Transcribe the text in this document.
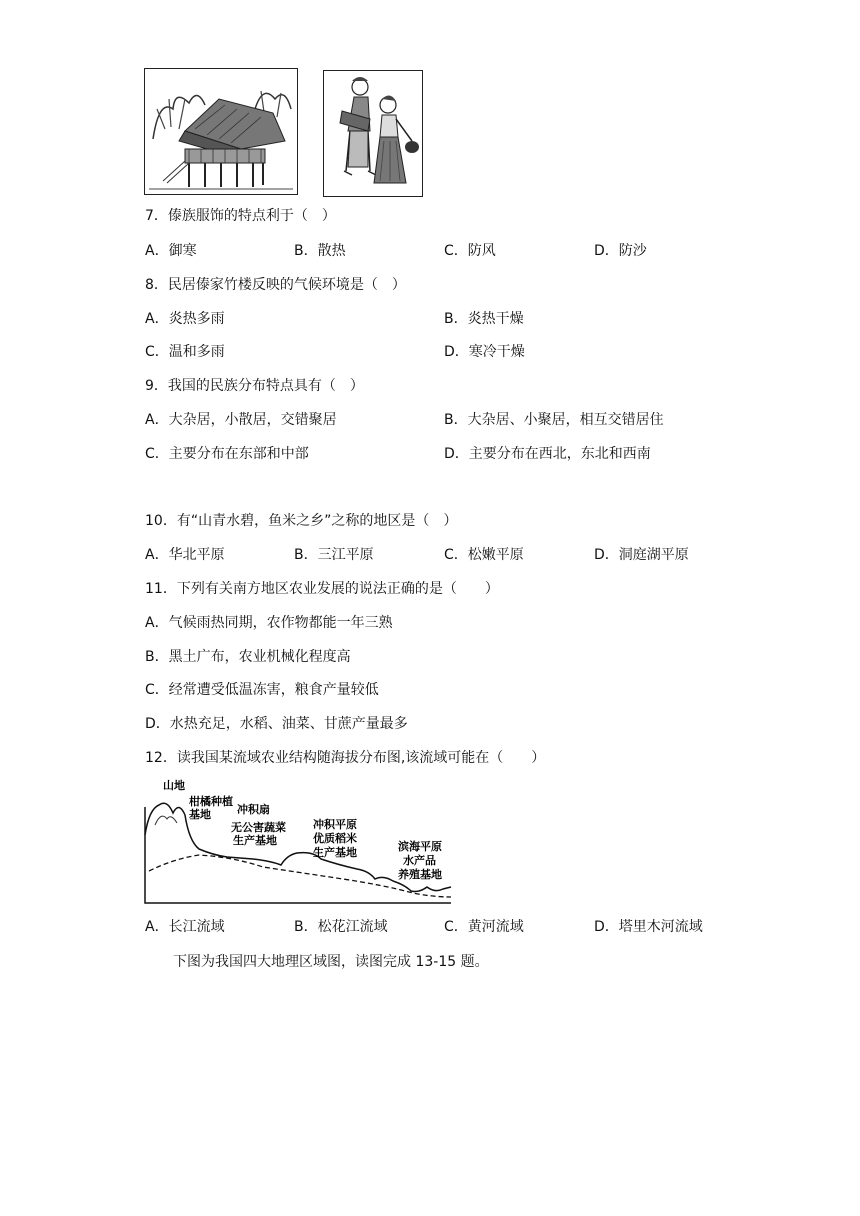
7．傣族服饰的特点利于（　）
A．御寒	B．散热	C．防风	D．防沙
8．民居傣家竹楼反映的气候环境是（　）
A．炎热多雨	B．炎热干燥
C．温和多雨	D．寒冷干燥
9．我国的民族分布特点具有（　）
A．大杂居，小散居，交错聚居	B．大杂居、小聚居，相互交错居住
C．主要分布在东部和中部	D．主要分布在西北，东北和西南
10．有“山青水碧，鱼米之乡”之称的地区是（　）
A．华北平原	B．三江平原	C．松嫩平原	D．洞庭湖平原
11．下列有关南方地区农业发展的说法正确的是（　　）
A．气候雨热同期，农作物都能一年三熟
B．黑土广布，农业机械化程度高
C．经常遭受低温冻害，粮食产量较低
D．水热充足，水稻、油菜、甘蔗产量最多
12．读我国某流域农业结构随海拔分布图,该流域可能在（　　）
山地
柑橘种植
基地 冲积扇
无公害蔬菜
生产基地
冲积平原
优质稻米
生产基地	滨海平原
水产品
养殖基地
A．长江流域	B．松花江流域	C．黄河流域	D．塔里木河流域
下图为我国四大地理区域图，读图完成 13-15 题。
